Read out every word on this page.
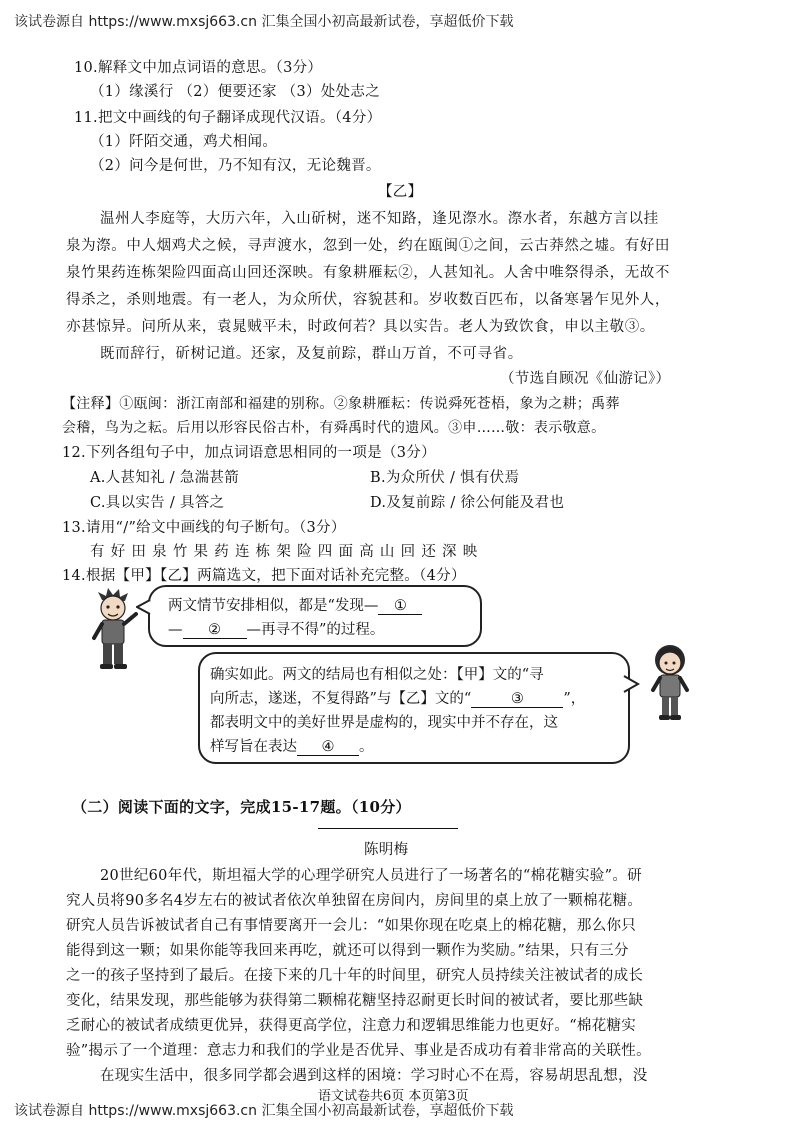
该试卷源自 https://www.mxsj663.cn 汇集全国小初高最新试卷，享超低价下载
10.解释文中加点词语的意思。（3分）
（1）缘溪行 （2）便要还家 （3）处处志之
11.把文中画线的句子翻译成现代汉语。（4分）
（1）阡陌交通，鸡犬相闻。
（2）问今是何世，乃不知有汉，无论魏晋。
【乙】
温州人李庭等，大历六年，入山斫树，迷不知路，逢见漈水。漈水者，东越方言以挂
泉为漈。中人烟鸡犬之候，寻声渡水，忽到一处，约在瓯闽①之间，云古莽然之墟。有好田
泉竹果药连栋架险四面高山回还深映。有象耕雁耘②，人甚知礼。人舍中唯祭得杀，无故不
得杀之，杀则地震。有一老人，为众所伏，容貌甚和。岁收数百匹布，以备寒暑乍见外人，
亦甚惊异。问所从来，袁晁贼平未，时政何若？具以实告。老人为致饮食，申以主敬③。
既而辞行，斫树记道。还家，及复前踪，群山万首，不可寻省。
（节选自顾况《仙游记》）
【注释】①瓯闽：浙江南部和福建的别称。②象耕雁耘：传说舜死苍梧，象为之耕；禹葬
会稽，鸟为之耘。后用以形容民俗古朴，有舜禹时代的遗风。③申……敬：表示敬意。
12.下列各组句子中，加点词语意思相同的一项是（3分）
A.人甚知礼 / 急湍甚箭	B.为众所伏 / 惧有伏焉
C.具以实告 / 具答之	D.及复前踪 / 徐公何能及君也
13.请用“/”给文中画线的句子断句。（3分）
有 好 田 泉 竹 果 药 连 栋 架 险 四 面 高 山 回 还 深 映
14.根据【甲】【乙】两篇选文，把下面对话补充完整。（4分）
两文情节安排相似，都是“发现— ①
— ② —再寻不得”的过程。
确实如此。两文的结局也有相似之处：【甲】文的“寻
向所志，遂迷，不复得路”与【乙】文的“	③	”，
都表明文中的美好世界是虚构的，现实中并不存在，这
样写旨在表达 ④ 。
（二）阅读下面的文字，完成15-17题。（10分）
陈明梅
20世纪60年代，斯坦福大学的心理学研究人员进行了一场著名的“棉花糖实验”。研
究人员将90多名4岁左右的被试者依次单独留在房间内，房间里的桌上放了一颗棉花糖。
研究人员告诉被试者自己有事情要离开一会儿：“如果你现在吃桌上的棉花糖，那么你只
能得到这一颗；如果你能等我回来再吃，就还可以得到一颗作为奖励。”结果，只有三分
之一的孩子坚持到了最后。在接下来的几十年的时间里，研究人员持续关注被试者的成长
变化，结果发现，那些能够为获得第二颗棉花糖坚持忍耐更长时间的被试者，要比那些缺
乏耐心的被试者成绩更优异，获得更高学位，注意力和逻辑思维能力也更好。“棉花糖实
验”揭示了一个道理：意志力和我们的学业是否优异、事业是否成功有着非常高的关联性。
在现实生活中，很多同学都会遇到这样的困境：学习时心不在焉，容易胡思乱想，没
语文试卷共6页 本页第3页
该试卷源自 https://www.mxsj663.cn 汇集全国小初高最新试卷，享超低价下载
